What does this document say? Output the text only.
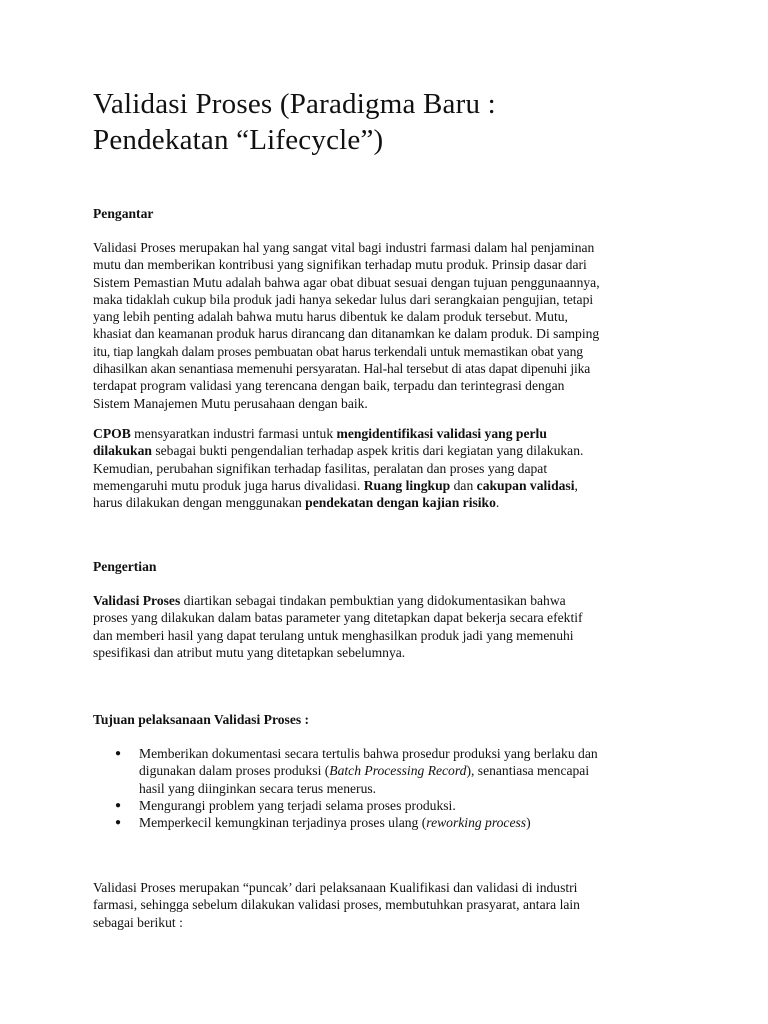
Validasi Proses (Paradigma Baru :
Pendekatan “Lifecycle”)
Pengantar

Validasi Proses merupakan hal yang sangat vital bagi industri farmasi dalam hal penjaminan
mutu dan memberikan kontribusi yang signifikan terhadap mutu produk. Prinsip dasar dari
Sistem Pemastian Mutu adalah bahwa agar obat dibuat sesuai dengan tujuan penggunaannya,
maka tidaklah cukup bila produk jadi hanya sekedar lulus dari serangkaian pengujian, tetapi
yang lebih penting adalah bahwa mutu harus dibentuk ke dalam produk tersebut. Mutu,
khasiat dan keamanan produk harus dirancang dan ditanamkan ke dalam produk. Di samping
itu, tiap langkah dalam proses pembuatan obat harus terkendali untuk memastikan obat yang
dihasilkan akan senantiasa memenuhi persyaratan. Hal-hal tersebut di atas dapat dipenuhi jika
terdapat program validasi yang terencana dengan baik, terpadu dan terintegrasi dengan
Sistem Manajemen Mutu perusahaan dengan baik.

CPOB mensyaratkan industri farmasi untuk mengidentifikasi validasi yang perlu
dilakukan sebagai bukti pengendalian terhadap aspek kritis dari kegiatan yang dilakukan.
Kemudian, perubahan signifikan terhadap fasilitas, peralatan dan proses yang dapat
memengaruhi mutu produk juga harus divalidasi. Ruang lingkup dan cakupan validasi,
harus dilakukan dengan menggunakan pendekatan dengan kajian risiko.

Pengertian

Validasi Proses diartikan sebagai tindakan pembuktian yang didokumentasikan bahwa
proses yang dilakukan dalam batas parameter yang ditetapkan dapat bekerja secara efektif
dan memberi hasil yang dapat terulang untuk menghasilkan produk jadi yang memenuhi
spesifikasi dan atribut mutu yang ditetapkan sebelumnya.

Tujuan pelaksanaan Validasi Proses :
● Memberikan dokumentasi secara tertulis bahwa prosedur produksi yang berlaku dan
digunakan dalam proses produksi (Batch Processing Record), senantiasa mencapai
hasil yang diinginkan secara terus menerus.
● Mengurangi problem yang terjadi selama proses produksi.
● Memperkecil kemungkinan terjadinya proses ulang (reworking process)

Validasi Proses merupakan “puncak’ dari pelaksanaan Kualifikasi dan validasi di industri
farmasi, sehingga sebelum dilakukan validasi proses, membutuhkan prasyarat, antara lain
sebagai berikut :
